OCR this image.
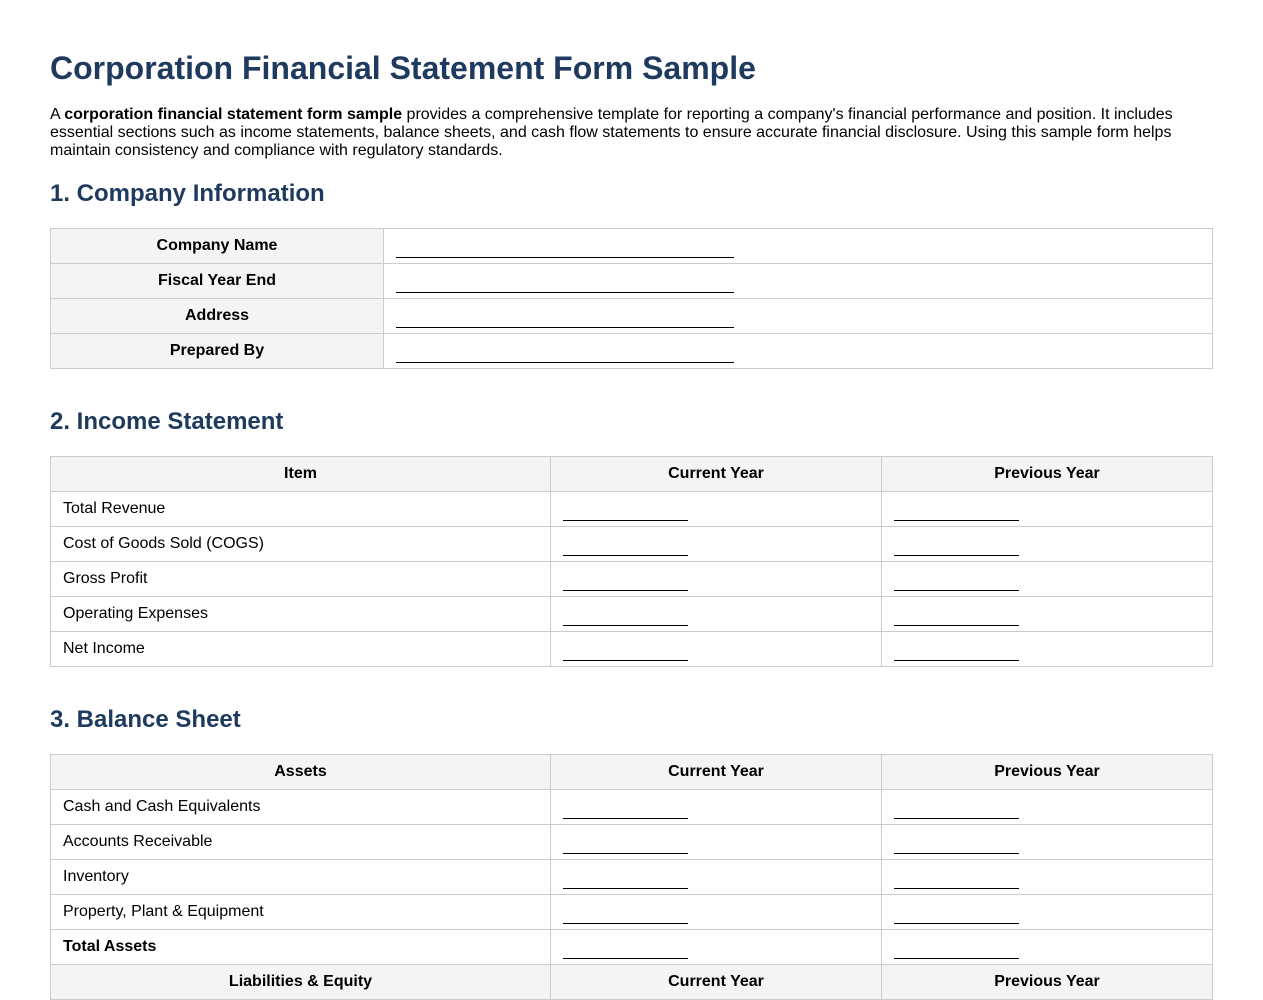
Corporation Financial Statement Form Sample

A corporation financial statement form sample provides a comprehensive template for reporting a company's financial performance and position. It includes essential sections such as income statements, balance sheets, and cash flow statements to ensure accurate financial disclosure. Using this sample form helps maintain consistency and compliance with regulatory standards.

1. Company Information
Company Name	
Fiscal Year End	
Address	
Prepared By	
2. Income Statement
Item	Current Year	Previous Year
Total Revenue		
Cost of Goods Sold (COGS)		
Gross Profit		
Operating Expenses		
Net Income		
3. Balance Sheet
Assets	Current Year	Previous Year
Cash and Cash Equivalents		
Accounts Receivable		
Inventory		
Property, Plant & Equipment		
Total Assets		
Liabilities & Equity	Current Year	Previous Year
